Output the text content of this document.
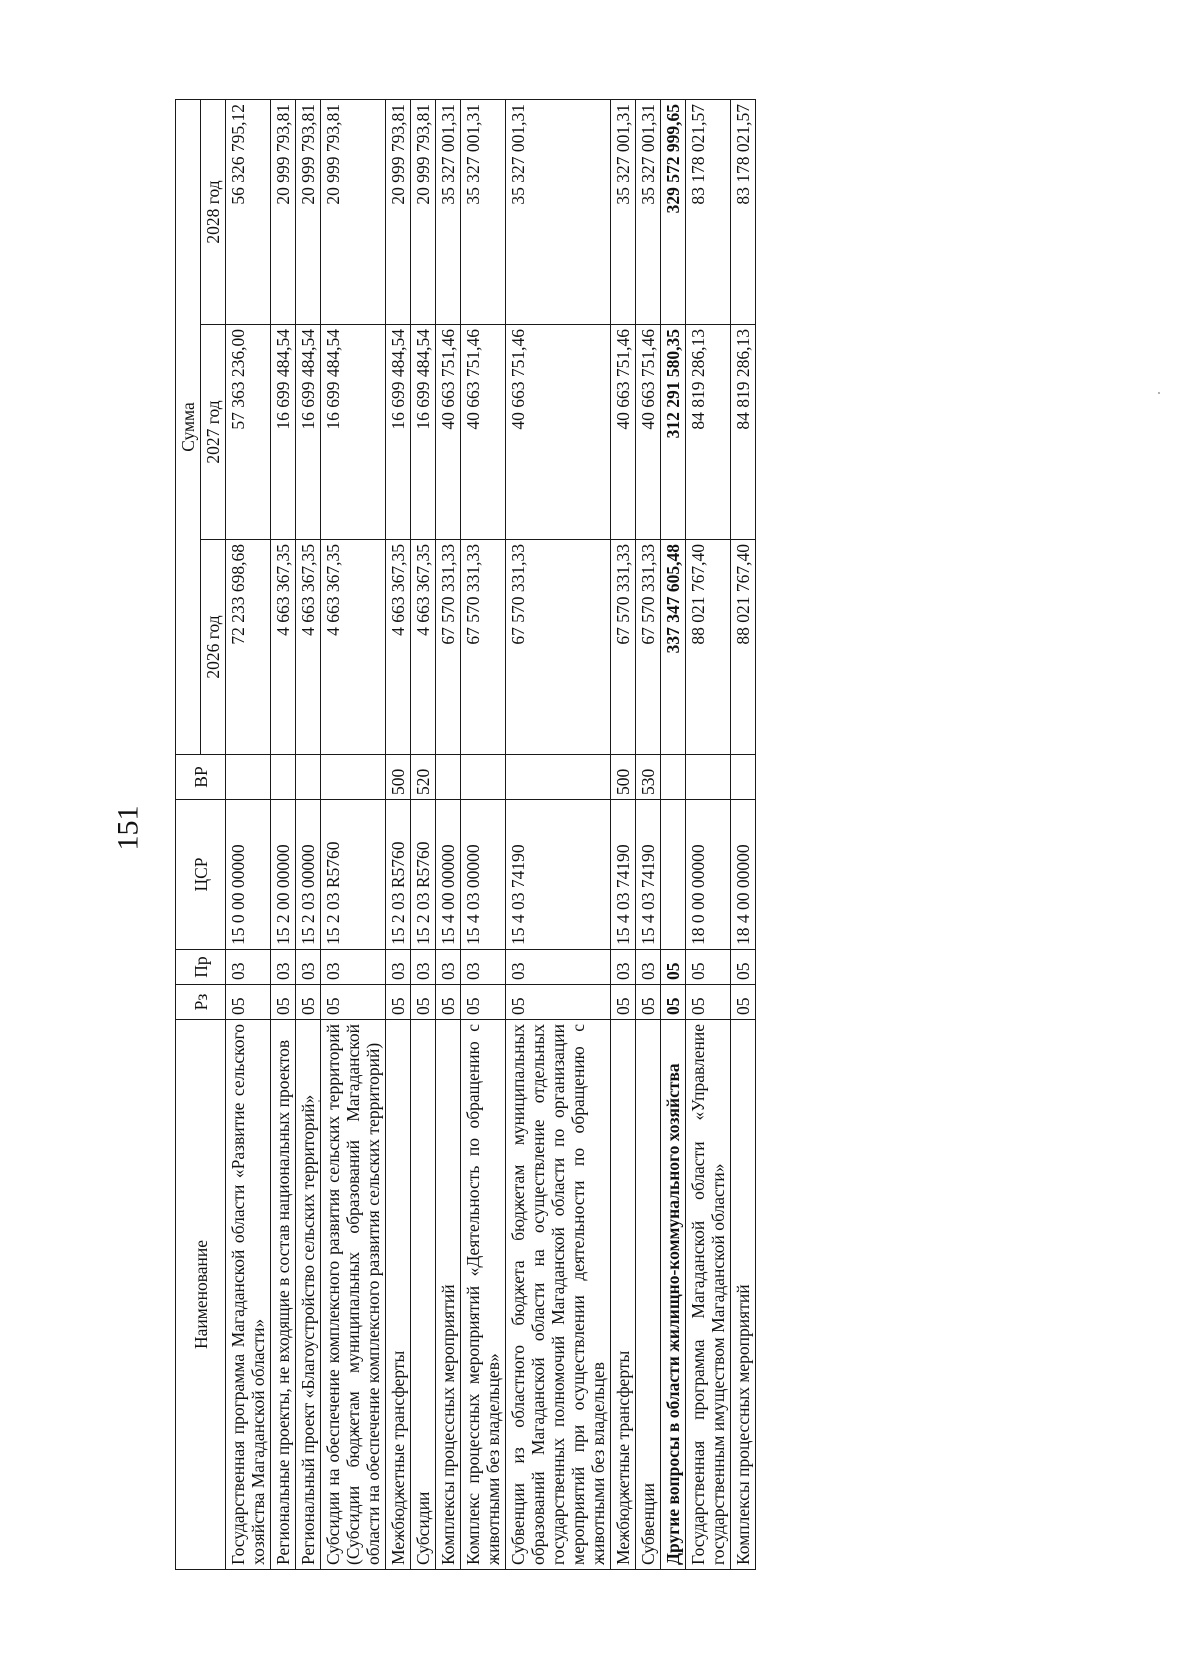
151
Наименование	Рз	Пр	ЦСР	ВР	Сумма		
					2026 год	2027 год	2028 год
Государственная программа Магаданской области «Развитие сельского хозяйства Магаданской области»	05	03	15 0 00 00000		72 233 698,68	57 363 236,00	56 326 795,12
Региональные проекты, не входящие в состав национальных проектов	05	03	15 2 00 00000		4 663 367,35	16 699 484,54	20 999 793,81
Региональный проект «Благоустройство сельских территорий»	05	03	15 2 03 00000		4 663 367,35	16 699 484,54	20 999 793,81
Субсидии на обеспечение комплексного развития сельских территорий (Субсидии бюджетам муниципальных образований Магаданской области на обеспечение комплексного развития сельских территорий)	05	03	15 2 03 R5760		4 663 367,35	16 699 484,54	20 999 793,81
Межбюджетные трансферты	05	03	15 2 03 R5760	500	4 663 367,35	16 699 484,54	20 999 793,81
Субсидии	05	03	15 2 03 R5760	520	4 663 367,35	16 699 484,54	20 999 793,81
Комплексы процессных мероприятий	05	03	15 4 00 00000		67 570 331,33	40 663 751,46	35 327 001,31
Комплекс процессных мероприятий «Деятельность по обращению с животными без владельцев»	05	03	15 4 03 00000		67 570 331,33	40 663 751,46	35 327 001,31
Субвенции из областного бюджета бюджетам муниципальных образований Магаданской области на осуществление отдельных государственных полномочий Магаданской области по организации мероприятий при осуществлении деятельности по обращению с животными без владельцев	05	03	15 4 03 74190		67 570 331,33	40 663 751,46	35 327 001,31
Межбюджетные трансферты	05	03	15 4 03 74190	500	67 570 331,33	40 663 751,46	35 327 001,31
Субвенции	05	03	15 4 03 74190	530	67 570 331,33	40 663 751,46	35 327 001,31
Другие вопросы в области жилищно-коммунального хозяйства	05	05			337 347 605,48	312 291 580,35	329 572 999,65
Государственная программа Магаданской области «Управление государственным имуществом Магаданской области»	05	05	18 0 00 00000		88 021 767,40	84 819 286,13	83 178 021,57
Комплексы процессных мероприятий	05	05	18 4 00 00000		88 021 767,40	84 819 286,13	83 178 021,57
